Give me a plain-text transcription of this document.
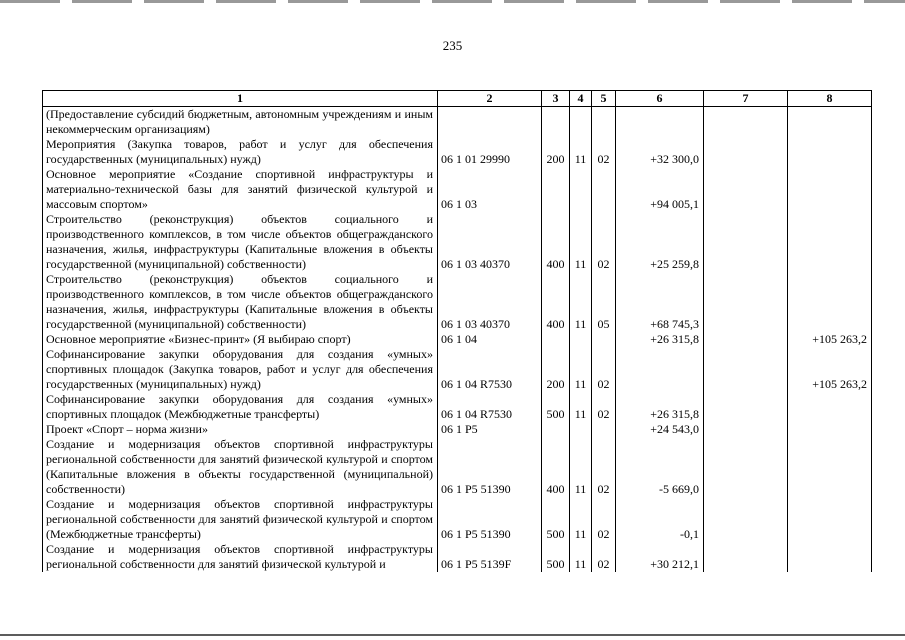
235
1	2	3	4	5	6	7	8
(Предоставление субсидий бюджетным, автономным учреждениям и иным некоммерческим организациям)							
Мероприятия (Закупка товаров, работ и услуг для обеспечения государственных (муниципальных) нужд)	06 1 01 29990	200	11	02	+32 300,0		
Основное мероприятие «Создание спортивной инфраструктуры и материально-технической базы для занятий физической культурой и массовым спортом»	06 1 03				+94 005,1		
Строительство (реконструкция) объектов социального и производственного комплексов, в том числе объектов общегражданского назначения, жилья, инфраструктуры (Капитальные вложения в объекты государственной (муниципальной) собственности)	06 1 03 40370	400	11	02	+25 259,8		
Строительство (реконструкция) объектов социального и производственного комплексов, в том числе объектов общегражданского назначения, жилья, инфраструктуры (Капитальные вложения в объекты государственной (муниципальной) собственности)	06 1 03 40370	400	11	05	+68 745,3		
Основное мероприятие «Бизнес-принт» (Я выбираю спорт)	06 1 04				+26 315,8		+105 263,2
Софинансирование закупки оборудования для создания «умных» спортивных площадок (Закупка товаров, работ и услуг для обеспечения государственных (муниципальных) нужд)	06 1 04 R7530	200	11	02			+105 263,2
Софинансирование закупки оборудования для создания «умных» спортивных площадок (Межбюджетные трансферты)	06 1 04 R7530	500	11	02	+26 315,8		
Проект «Спорт – норма жизни»	06 1 P5				+24 543,0		
Создание и модернизация объектов спортивной инфраструктуры региональной собственности для занятий физической культурой и спортом (Капитальные вложения в объекты государственной (муниципальной) собственности)	06 1 P5 51390	400	11	02	-5 669,0		
Создание и модернизация объектов спортивной инфраструктуры региональной собственности для занятий физической культурой и спортом (Межбюджетные трансферты)	06 1 P5 51390	500	11	02	-0,1		
Создание и модернизация объектов спортивной инфраструктуры региональной собственности для занятий физической культурой и	06 1 P5 5139F	500	11	02	+30 212,1		
